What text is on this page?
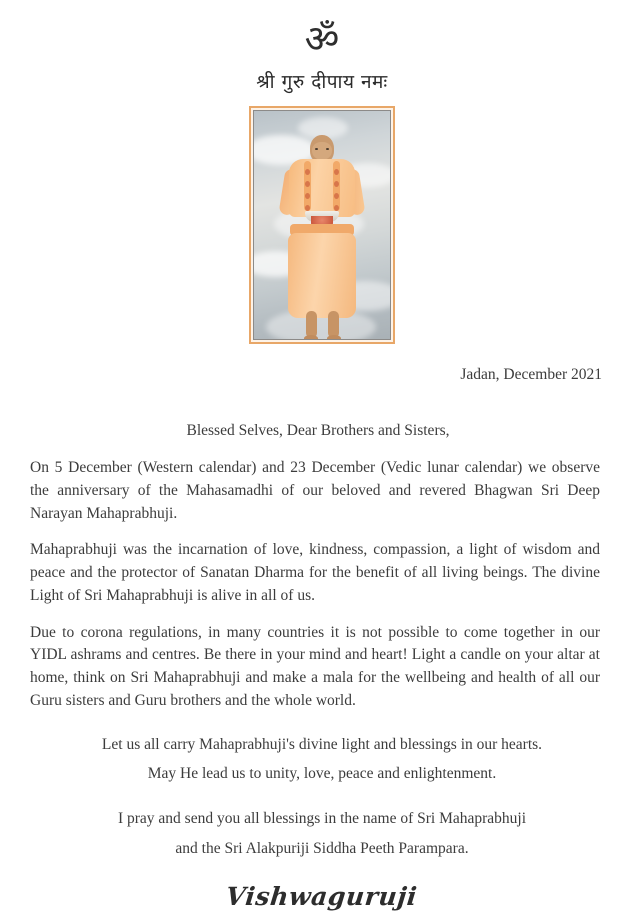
ॐ
श्री गुरु दीपाय नमः
Jadan, December 2021
Blessed Selves, Dear Brothers and Sisters,

On 5 December (Western calendar) and 23 December (Vedic lunar calendar) we observe the anniversary of the Mahasamadhi of our beloved and revered Bhagwan Sri Deep Narayan Mahaprabhuji.

Mahaprabhuji was the incarnation of love, kindness, compassion, a light of wisdom and peace and the protector of Sanatan Dharma for the benefit of all living beings. The divine Light of Sri Mahaprabhuji is alive in all of us.

Due to corona regulations, in many countries it is not possible to come together in our YIDL ashrams and centres. Be there in your mind and heart! Light a candle on your altar at home, think on Sri Mahaprabhuji and make a mala for the wellbeing and health of all our Guru sisters and Guru brothers and the whole world.

Let us all carry Mahaprabhuji's divine light and blessings in our hearts.

May He lead us to unity, love, peace and enlightenment.

I pray and send you all blessings in the name of Sri Mahaprabhuji

and the Sri Alakpuriji Siddha Peeth Parampara.

Vishwaguruji
